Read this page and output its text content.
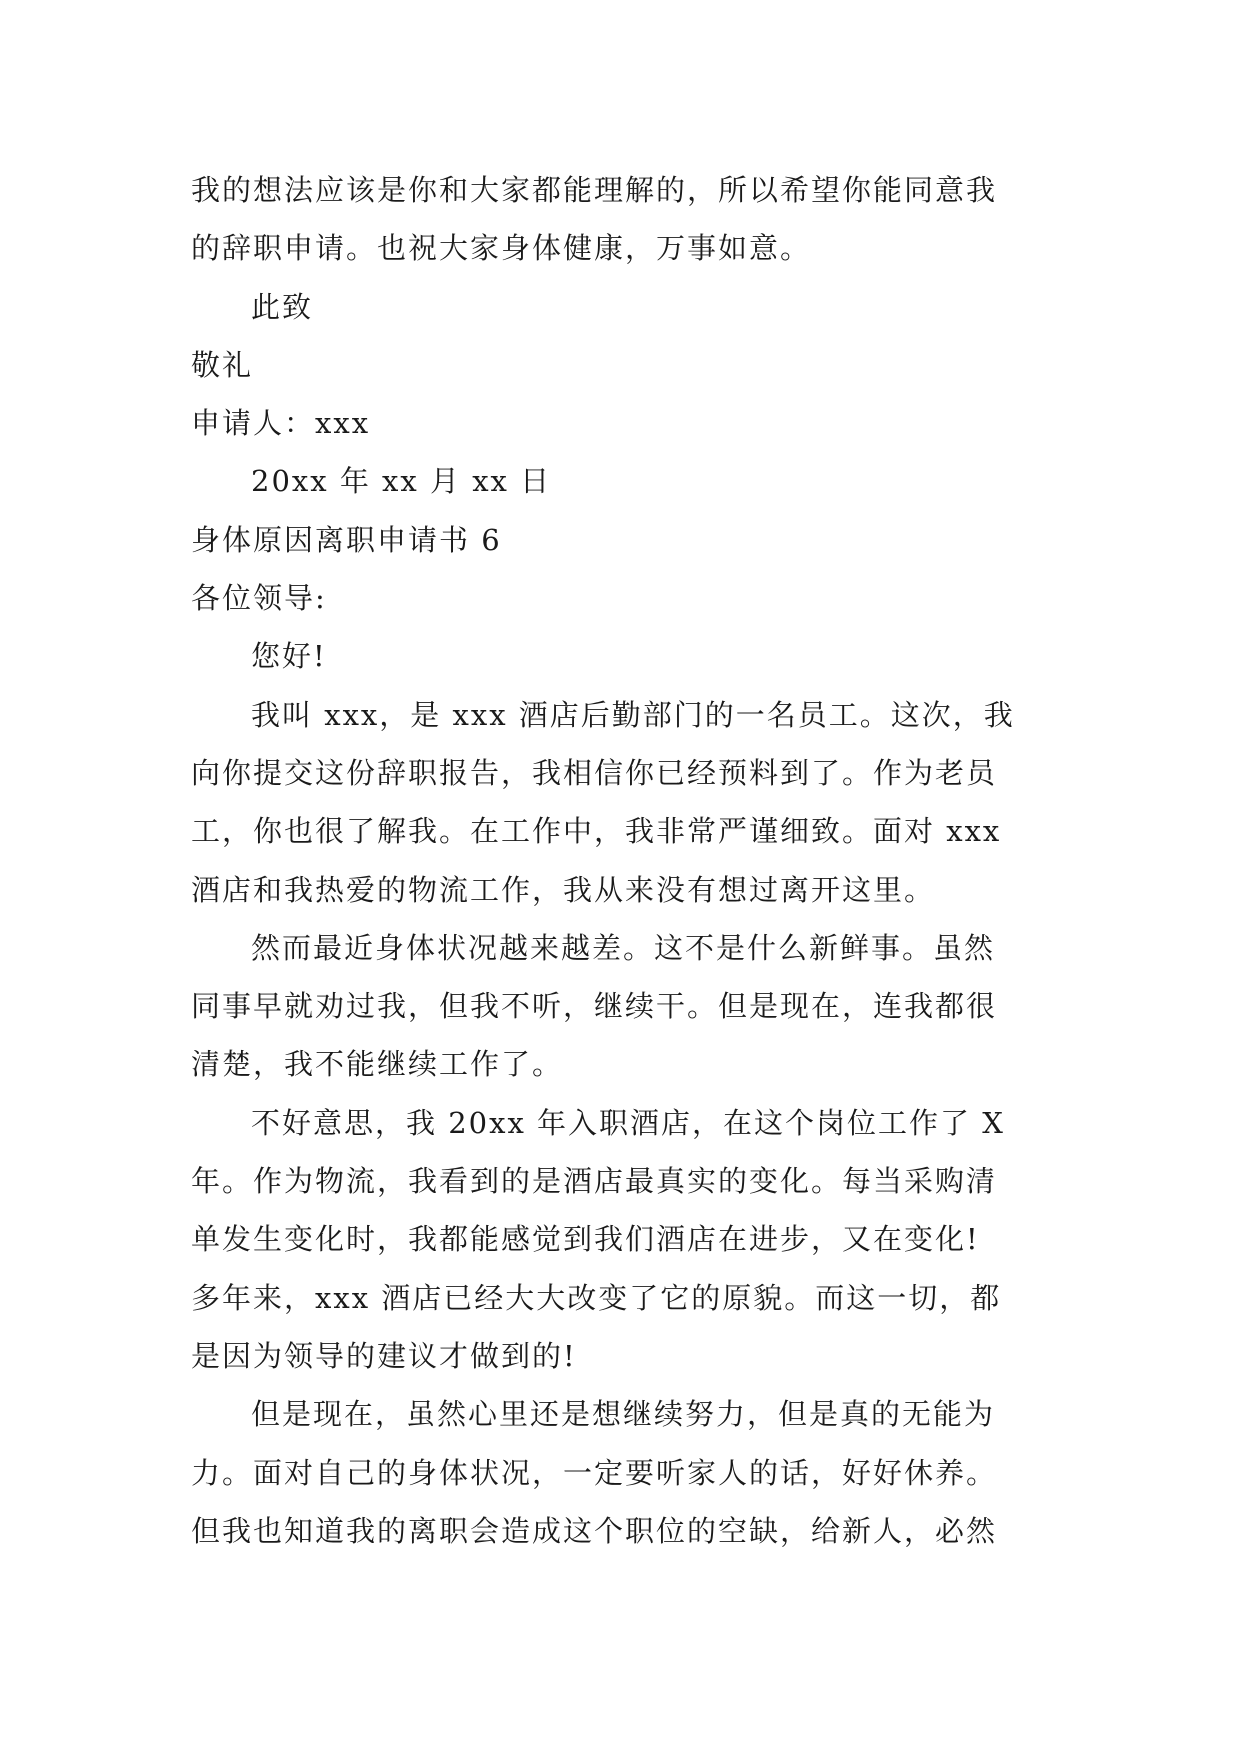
我的想法应该是你和大家都能理解的，所以希望你能同意我
的辞职申请。也祝大家身体健康，万事如意。
此致
敬礼
申请人：xxx
20xx 年 xx 月 xx 日
身体原因离职申请书 6
各位领导:
您好!
我叫 xxx，是 xxx 酒店后勤部门的一名员工。这次，我
向你提交这份辞职报告，我相信你已经预料到了。作为老员
工，你也很了解我。在工作中，我非常严谨细致。面对 xxx
酒店和我热爱的物流工作，我从来没有想过离开这里。
然而最近身体状况越来越差。这不是什么新鲜事。虽然
同事早就劝过我，但我不听，继续干。但是现在，连我都很
清楚，我不能继续工作了。
不好意思，我 20xx 年入职酒店，在这个岗位工作了 X
年。作为物流，我看到的是酒店最真实的变化。每当采购清
单发生变化时，我都能感觉到我们酒店在进步，又在变化!
多年来，xxx 酒店已经大大改变了它的原貌。而这一切，都
是因为领导的建议才做到的!
但是现在，虽然心里还是想继续努力，但是真的无能为
力。面对自己的身体状况，一定要听家人的话，好好休养。
但我也知道我的离职会造成这个职位的空缺，给新人，必然
